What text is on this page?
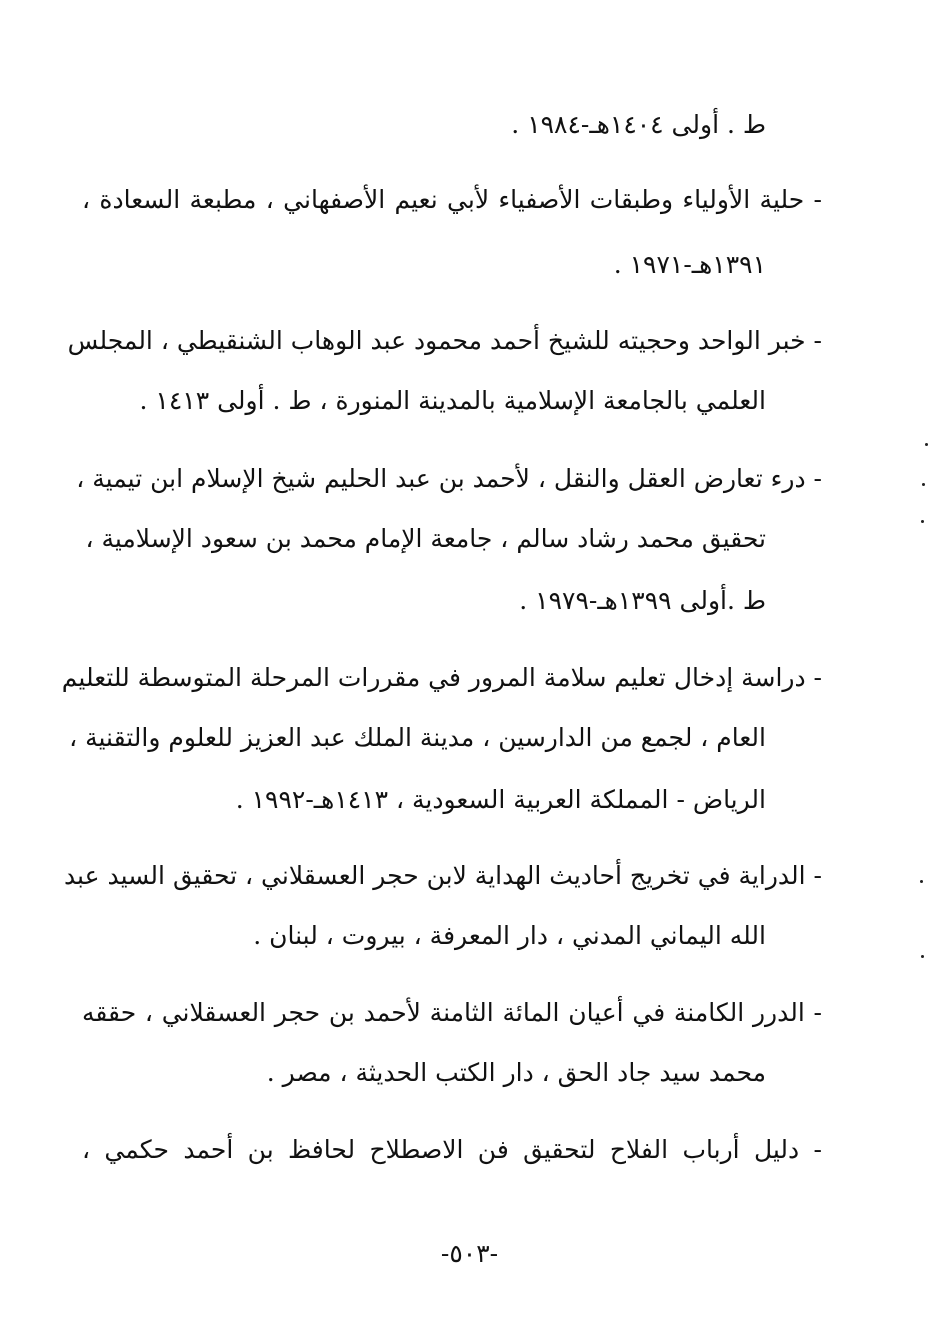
ط . أولى ١٤٠٤هـ-١٩٨٤ .
- حلية الأولياء وطبقات الأصفياء لأبي نعيم الأصفهاني ، مطبعة السعادة ،
١٣٩١هـ-١٩٧١ .
- خبر الواحد وحجيته للشيخ أحمد محمود عبد الوهاب الشنقيطي ، المجلس
العلمي بالجامعة الإسلامية بالمدينة المنورة ، ط . أولى ١٤١٣ .
- درء تعارض العقل والنقل ، لأحمد بن عبد الحليم شيخ الإسلام ابن تيمية ،
تحقيق محمد رشاد سالم ، جامعة الإمام محمد بن سعود الإسلامية ،
ط .أولى ١٣٩٩هـ-١٩٧٩ .
- دراسة إدخال تعليم سلامة المرور في مقررات المرحلة المتوسطة للتعليم
العام ، لجمع من الدارسين ، مدينة الملك عبد العزيز للعلوم والتقنية ،
الرياض - المملكة العربية السعودية ، ١٤١٣هـ-١٩٩٢ .
- الدراية في تخريج أحاديث الهداية لابن حجر العسقلاني ، تحقيق السيد عبد
الله اليماني المدني ، دار المعرفة ، بيروت ، لبنان .
- الدرر الكامنة في أعيان المائة الثامنة لأحمد بن حجر العسقلاني ، حققه
محمد سيد جاد الحق ، دار الكتب الحديثة ، مصر .
- دليل أرباب الفلاح لتحقيق فن الاصطلاح لحافظ بن أحمد حكمي ،
-٥٠٣-
